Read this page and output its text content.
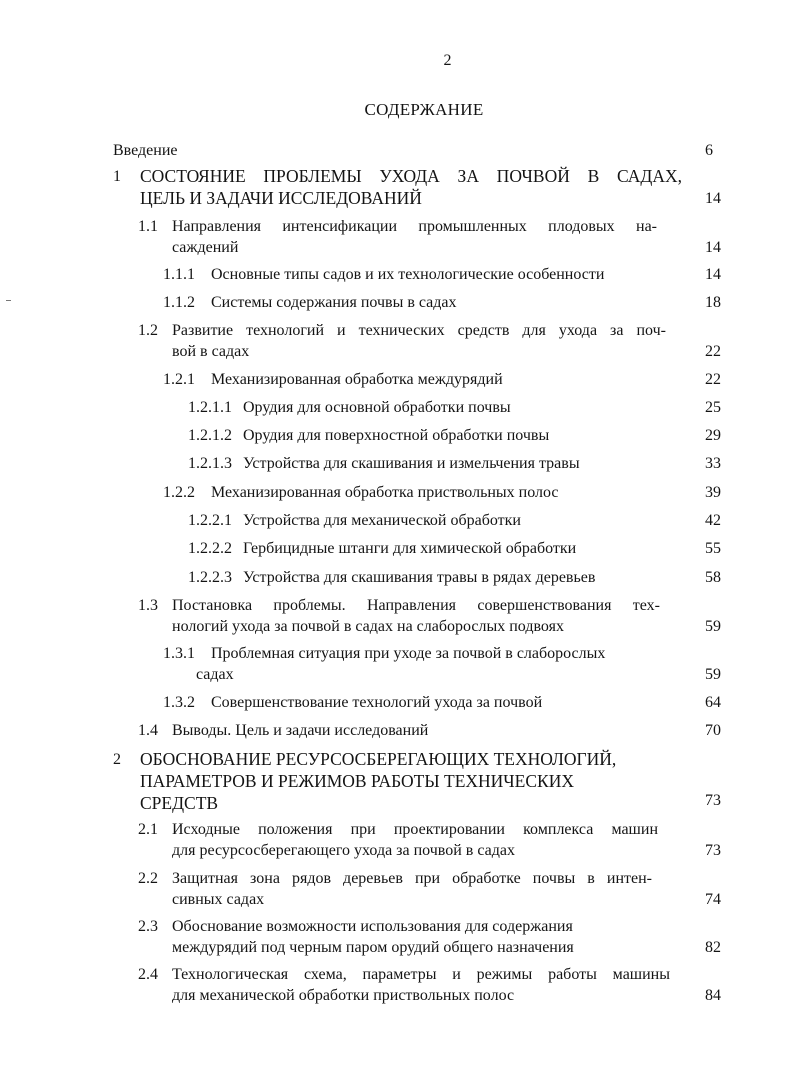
2
СОДЕРЖАНИЕ
Введение	6
1 СОСТОЯНИЕ ПРОБЛЕМЫ УХОДА ЗА ПОЧВОЙ В САДАХ,
ЦЕЛЬ И ЗАДАЧИ ИССЛЕДОВАНИЙ	14
1.1 Направления интенсификации промышленных плодовых на-
саждений	14
1.1.1 Основные типы садов и их технологические особенности	14
1.1.2 Системы содержания почвы в садах	18
1.2 Развитие технологий и технических средств для ухода за поч-
вой в садах	22
1.2.1 Механизированная обработка междурядий	22
1.2.1.1 Орудия для основной обработки почвы	25
1.2.1.2 Орудия для поверхностной обработки почвы	29
1.2.1.3 Устройства для скашивания и измельчения травы	33
1.2.2 Механизированная обработка приствольных полос	39
1.2.2.1 Устройства для механической обработки	42
1.2.2.2 Гербицидные штанги для химической обработки	55
1.2.2.3 Устройства для скашивания травы в рядах деревьев	58
1.3 Постановка проблемы. Направления совершенствования тех-
нологий ухода за почвой в садах на слаборослых подвоях	59
1.3.1 Проблемная ситуация при уходе за почвой в слаборослых
садах	59
1.3.2 Совершенствование технологий ухода за почвой	64
1.4 Выводы. Цель и задачи исследований	70
2 ОБОСНОВАНИЕ РЕСУРСОСБЕРЕГАЮЩИХ ТЕХНОЛОГИЙ,
ПАРАМЕТРОВ И РЕЖИМОВ РАБОТЫ ТЕХНИЧЕСКИХ
СРЕДСТВ	73
2.1 Исходные положения при проектировании комплекса машин
для ресурсосберегающего ухода за почвой в садах	73
2.2 Защитная зона рядов деревьев при обработке почвы в интен-
сивных садах	74
2.3 Обоснование возможности использования для содержания
междурядий под черным паром орудий общего назначения	82
2.4 Технологическая схема, параметры и режимы работы машины
для механической обработки приствольных полос	84
